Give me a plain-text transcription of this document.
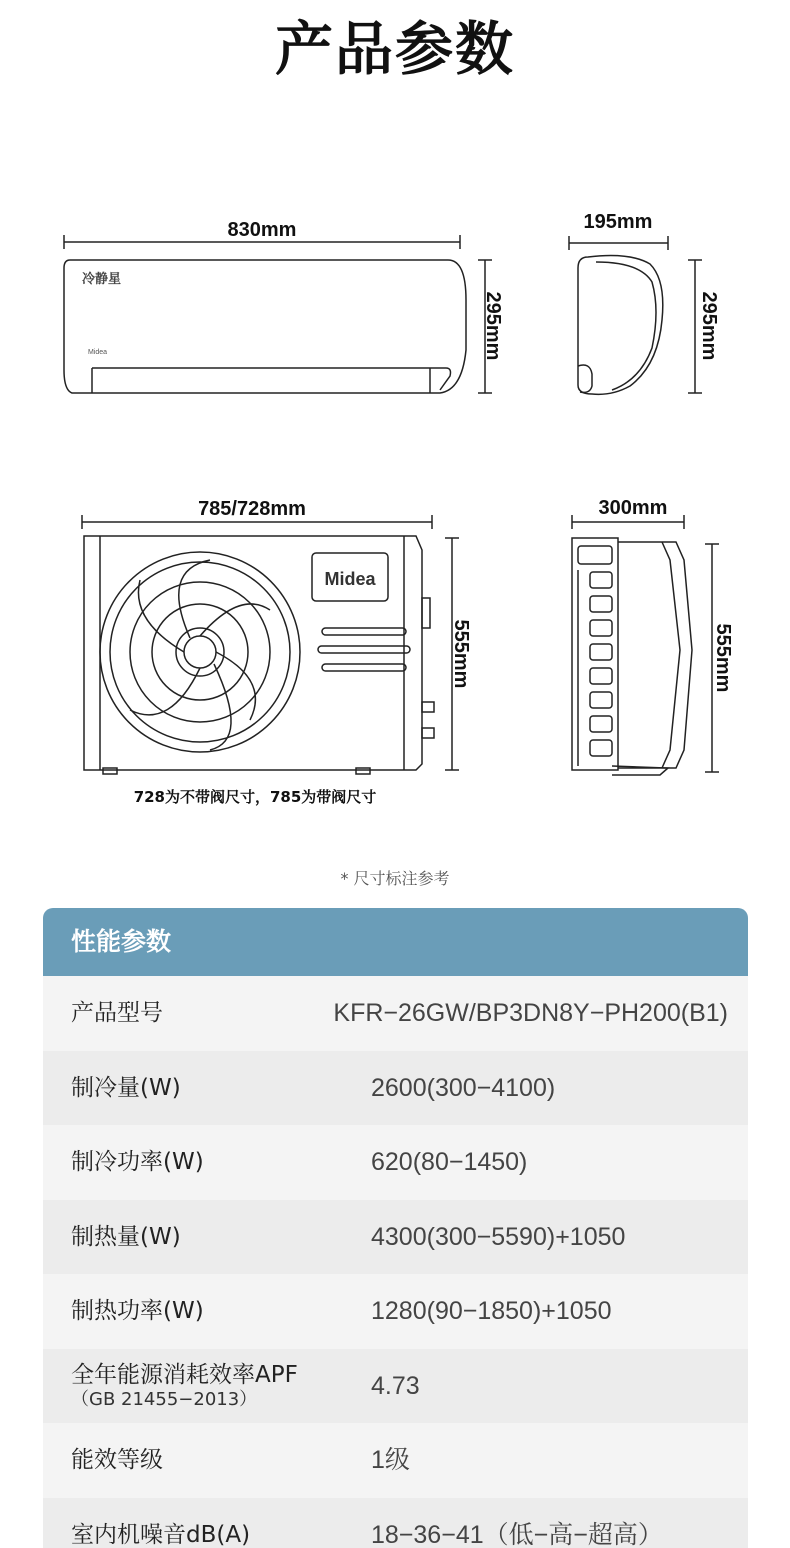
产品参数
830mm
295mm
冷静星
Midea
195mm
295mm
785/728mm
Midea
555mm
728为不带阀尺寸，785为带阀尺寸
300mm
555mm
* 尺寸标注参考
性能参数
产品型号	KFR−26GW/BP3DN8Y−PH200(B1)
制冷量(W)	2600(300−4100)
制冷功率(W)	620(80−1450)
制热量(W)	4300(300−5590)+1050
制热功率(W)	1280(90−1850)+1050
全年能源消耗效率APF
（GB 21455−2013）	4.73
能效等级	1级
室内机噪音dB(A)	18−36−41（低−高−超高）
